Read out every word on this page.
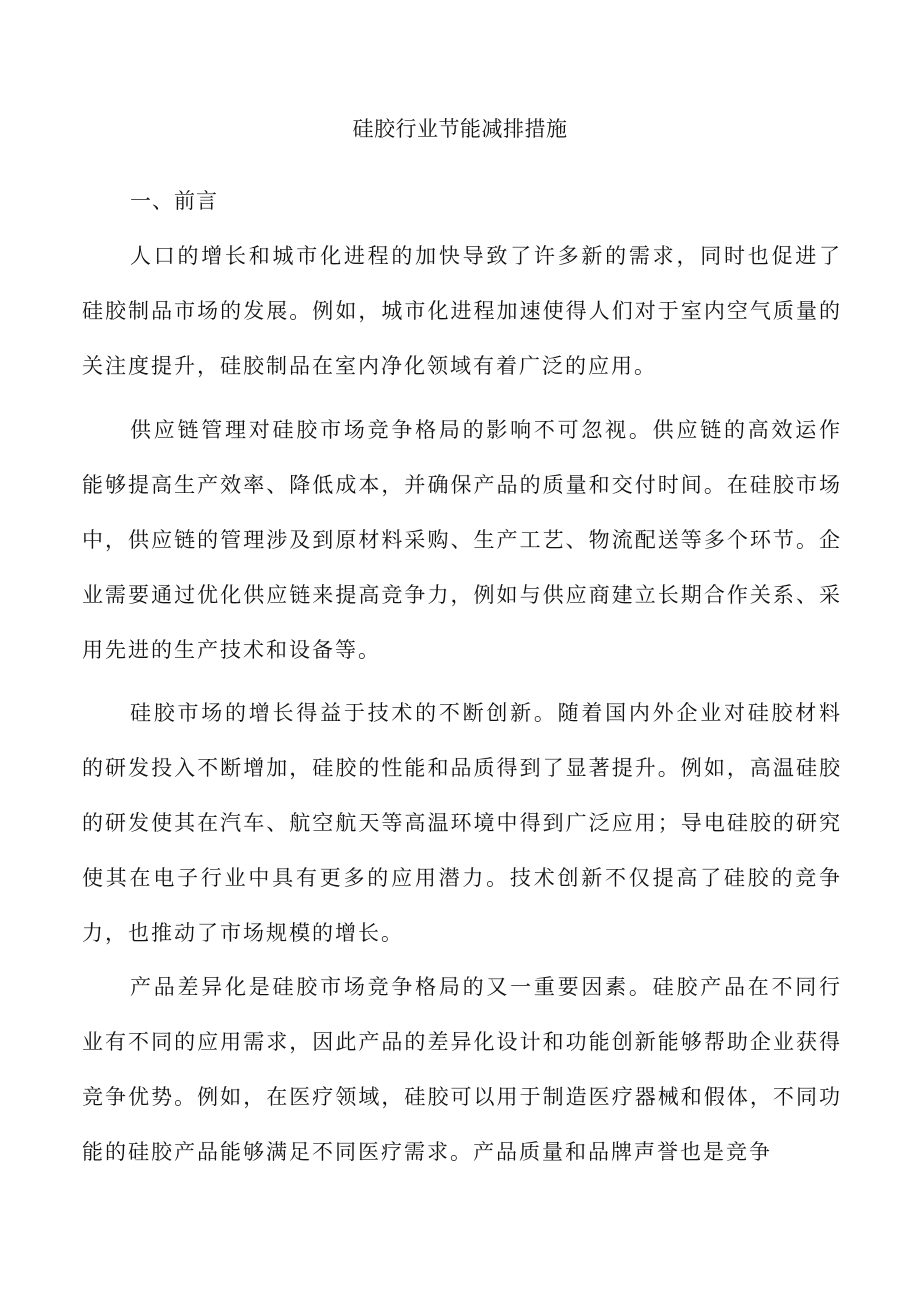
硅胶行业节能减排措施
一、前言

人口的增长和城市化进程的加快导致了许多新的需求，同时也促进了硅胶制品市场的发展。例如，城市化进程加速使得人们对于室内空气质量的关注度提升，硅胶制品在室内净化领域有着广泛的应用。

供应链管理对硅胶市场竞争格局的影响不可忽视。供应链的高效运作能够提高生产效率、降低成本，并确保产品的质量和交付时间。在硅胶市场中，供应链的管理涉及到原材料采购、生产工艺、物流配送等多个环节。企业需要通过优化供应链来提高竞争力，例如与供应商建立长期合作关系、采用先进的生产技术和设备等。

硅胶市场的增长得益于技术的不断创新。随着国内外企业对硅胶材料的研发投入不断增加，硅胶的性能和品质得到了显著提升。例如，高温硅胶的研发使其在汽车、航空航天等高温环境中得到广泛应用；导电硅胶的研究使其在电子行业中具有更多的应用潜力。技术创新不仅提高了硅胶的竞争力，也推动了市场规模的增长。

产品差异化是硅胶市场竞争格局的又一重要因素。硅胶产品在不同行业有不同的应用需求，因此产品的差异化设计和功能创新能够帮助企业获得竞争优势。例如，在医疗领域，硅胶可以用于制造医疗器械和假体，不同功能的硅胶产品能够满足不同医疗需求。产品质量和品牌声誉也是竞争
